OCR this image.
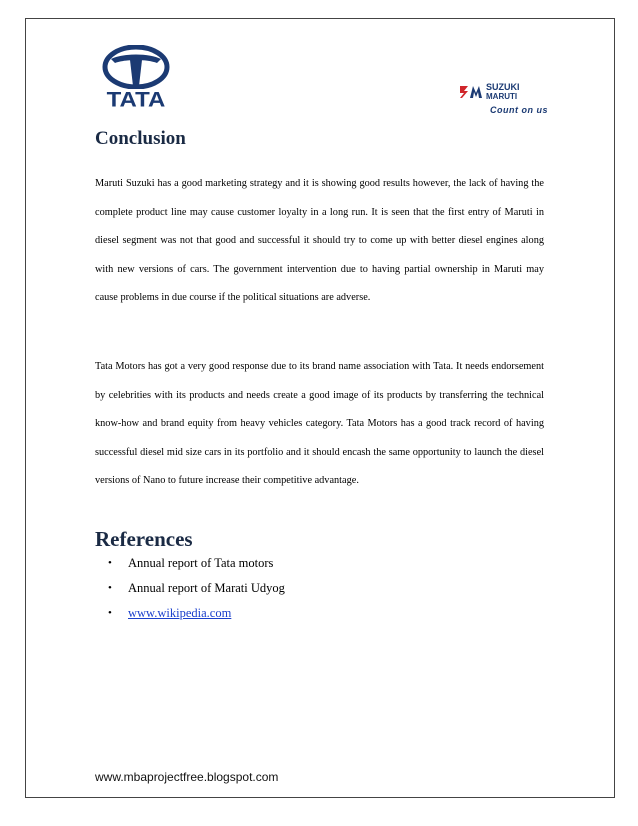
TATA
SUZUKI
MARUTI
Count on us
Conclusion

Maruti Suzuki has a good marketing strategy and it is showing good results however, the lack of having the complete product line may cause customer loyalty in a long run. It is seen that the first entry of Maruti in diesel segment was not that good and successful it should try to come up with better diesel engines along with new versions of cars. The government intervention due to having partial ownership in Maruti may cause problems in due course if the political situations are adverse.

Tata Motors has got a very good response due to its brand name association with Tata. It needs endorsement by celebrities with its products and needs create a good image of its products by transferring the technical know-how and brand equity from heavy vehicles category. Tata Motors has a good track record of having successful diesel mid size cars in its portfolio and it should encash the same opportunity to launch the diesel versions of Nano to future increase their competitive advantage.

References
• Annual report of Tata motors
• Annual report of Marati Udyog
• www.wikipedia.com
www.mbaprojectfree.blogspot.com
